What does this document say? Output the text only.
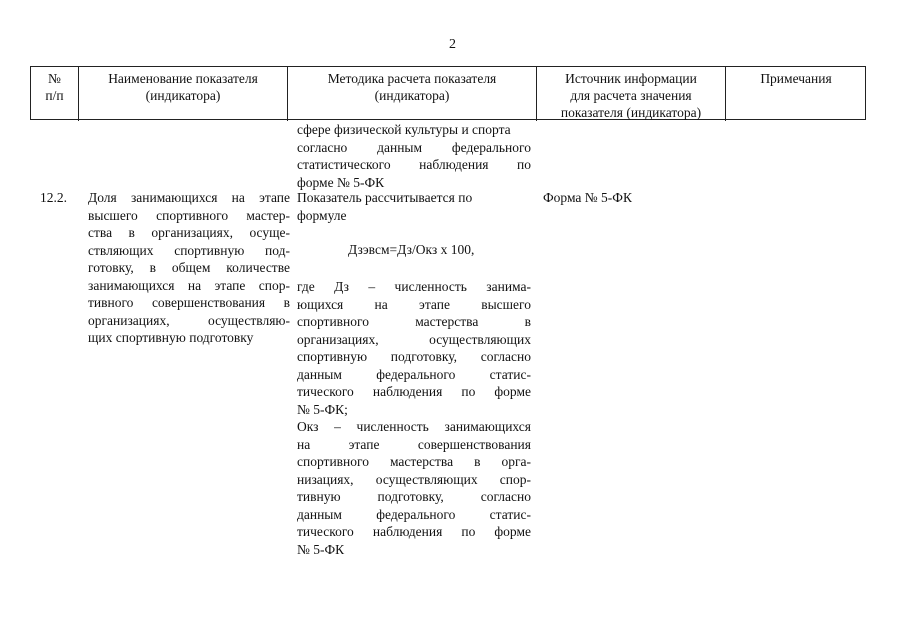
2
№
п/п
Наименование показателя
(индикатора)
Методика расчета показателя
(индикатора)
Источник информации
для расчета значения
показателя (индикатора)
Примечания
сфере физической культуры и спорта
согласно данным федерального
статистического наблюдения по
форме № 5-ФК
12.2. Доля занимающихся на этапе
высшего спортивного мастер-
ства в организациях, осуще-
ствляющих спортивную под-
готовку, в общем количестве
занимающихся на этапе спор-
тивного совершенствования в
организациях, осуществляю-
щих спортивную подготовку
Показатель рассчитывается по
формуле
Дзэвсм=Дз/Окз х 100,
где Дз – численность занима-
ющихся на этапе высшего
спортивного мастерства в
организациях, осуществляющих
спортивную подготовку, согласно
данным федерального статис-
тического наблюдения по форме
№ 5-ФК;
Окз – численность занимающихся
на этапе совершенствования
спортивного мастерства в орга-
низациях, осуществляющих спор-
тивную подготовку, согласно
данным федерального статис-
тического наблюдения по форме
№ 5-ФК
Форма № 5-ФК
